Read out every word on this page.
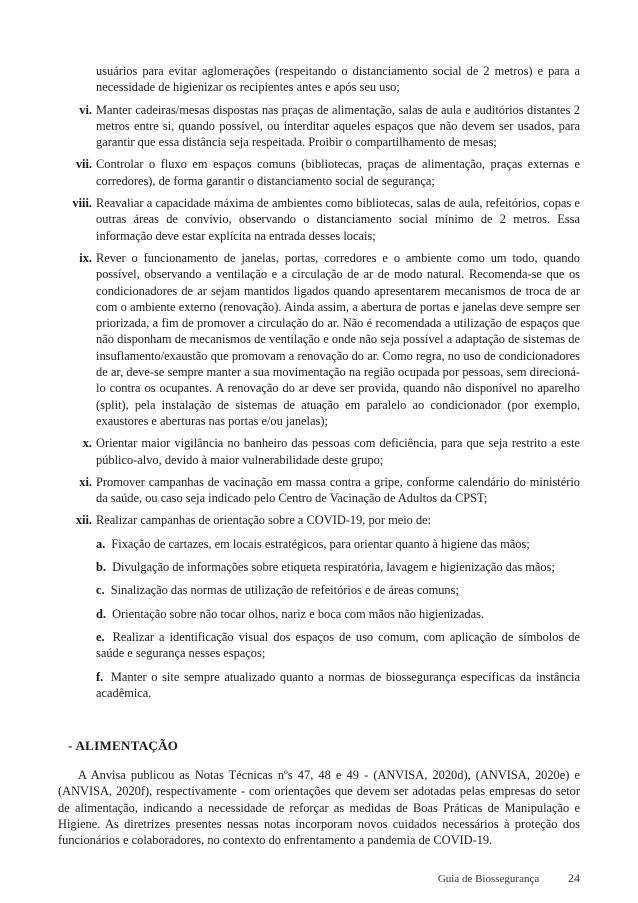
usuários para evitar aglomerações (respeitando o distanciamento social de 2 metros) e para a necessidade de higienizar os recipientes antes e após seu uso;
vi. Manter cadeiras/mesas dispostas nas praças de alimentação, salas de aula e auditórios distantes 2 metros entre si, quando possível, ou interditar aqueles espaços que não devem ser usados, para garantir que essa distância seja respeitada. Proibir o compartilhamento de mesas;
vii. Controlar o fluxo em espaços comuns (bibliotecas, praças de alimentação, praças externas e corredores), de forma garantir o distanciamento social de segurança;
viii. Reavaliar a capacidade máxima de ambientes como bibliotecas, salas de aula, refeitórios, copas e outras áreas de convívio, observando o distanciamento social mínimo de 2 metros. Essa informação deve estar explícita na entrada desses locais;
ix. Rever o funcionamento de janelas, portas, corredores e o ambiente como um todo, quando possível, observando a ventilação e a circulação de ar de modo natural. Recomenda-se que os condicionadores de ar sejam mantidos ligados quando apresentarem mecanismos de troca de ar com o ambiente externo (renovação). Ainda assim, a abertura de portas e janelas deve sempre ser priorizada, a fim de promover a circulação do ar. Não é recomendada a utilização de espaços que não disponham de mecanismos de ventilação e onde não seja possível a adaptação de sistemas de insuflamento/exaustão que promovam a renovação do ar. Como regra, no uso de condicionadores de ar, deve-se sempre manter a sua movimentação na região ocupada por pessoas, sem direcioná-lo contra os ocupantes. A renovação do ar deve ser provida, quando não disponível no aparelho (split), pela instalação de sistemas de atuação em paralelo ao condicionador (por exemplo, exaustores e aberturas nas portas e/ou janelas);
x. Orientar maior vigilância no banheiro das pessoas com deficiência, para que seja restrito a este público-alvo, devido à maior vulnerabilidade deste grupo;
xi. Promover campanhas de vacinação em massa contra a gripe, conforme calendário do ministério da saúde, ou caso seja indicado pelo Centro de Vacinação de Adultos da CPST;
xii. Realizar campanhas de orientação sobre a COVID-19, por meio de:
a. Fixação de cartazes, em locais estratégicos, para orientar quanto à higiene das mãos;
b. Divulgação de informações sobre etiqueta respiratória, lavagem e higienização das mãos;
c. Sinalização das normas de utilização de refeitórios e de áreas comuns;
d. Orientação sobre não tocar olhos, nariz e boca com mãos não higienizadas.
e. Realizar a identificação visual dos espaços de uso comum, com aplicação de símbolos de saúde e segurança nesses espaços;
f. Manter o site sempre atualizado quanto a normas de biossegurança específicas da instância acadêmica.
- ALIMENTAÇÃO
A Anvisa publicou as Notas Técnicas nºs 47, 48 e 49 - (ANVISA, 2020d), (ANVISA, 2020e) e (ANVISA, 2020f), respectivamente - com orientações que devem ser adotadas pelas empresas do setor de alimentação, indicando a necessidade de reforçar as medidas de Boas Práticas de Manipulação e Higiene. As diretrizes presentes nessas notas incorporam novos cuidados necessários à proteção dos funcionários e colaboradores, no contexto do enfrentamento a pandemia de COVID-19.
Guia de Biossegurança 24
